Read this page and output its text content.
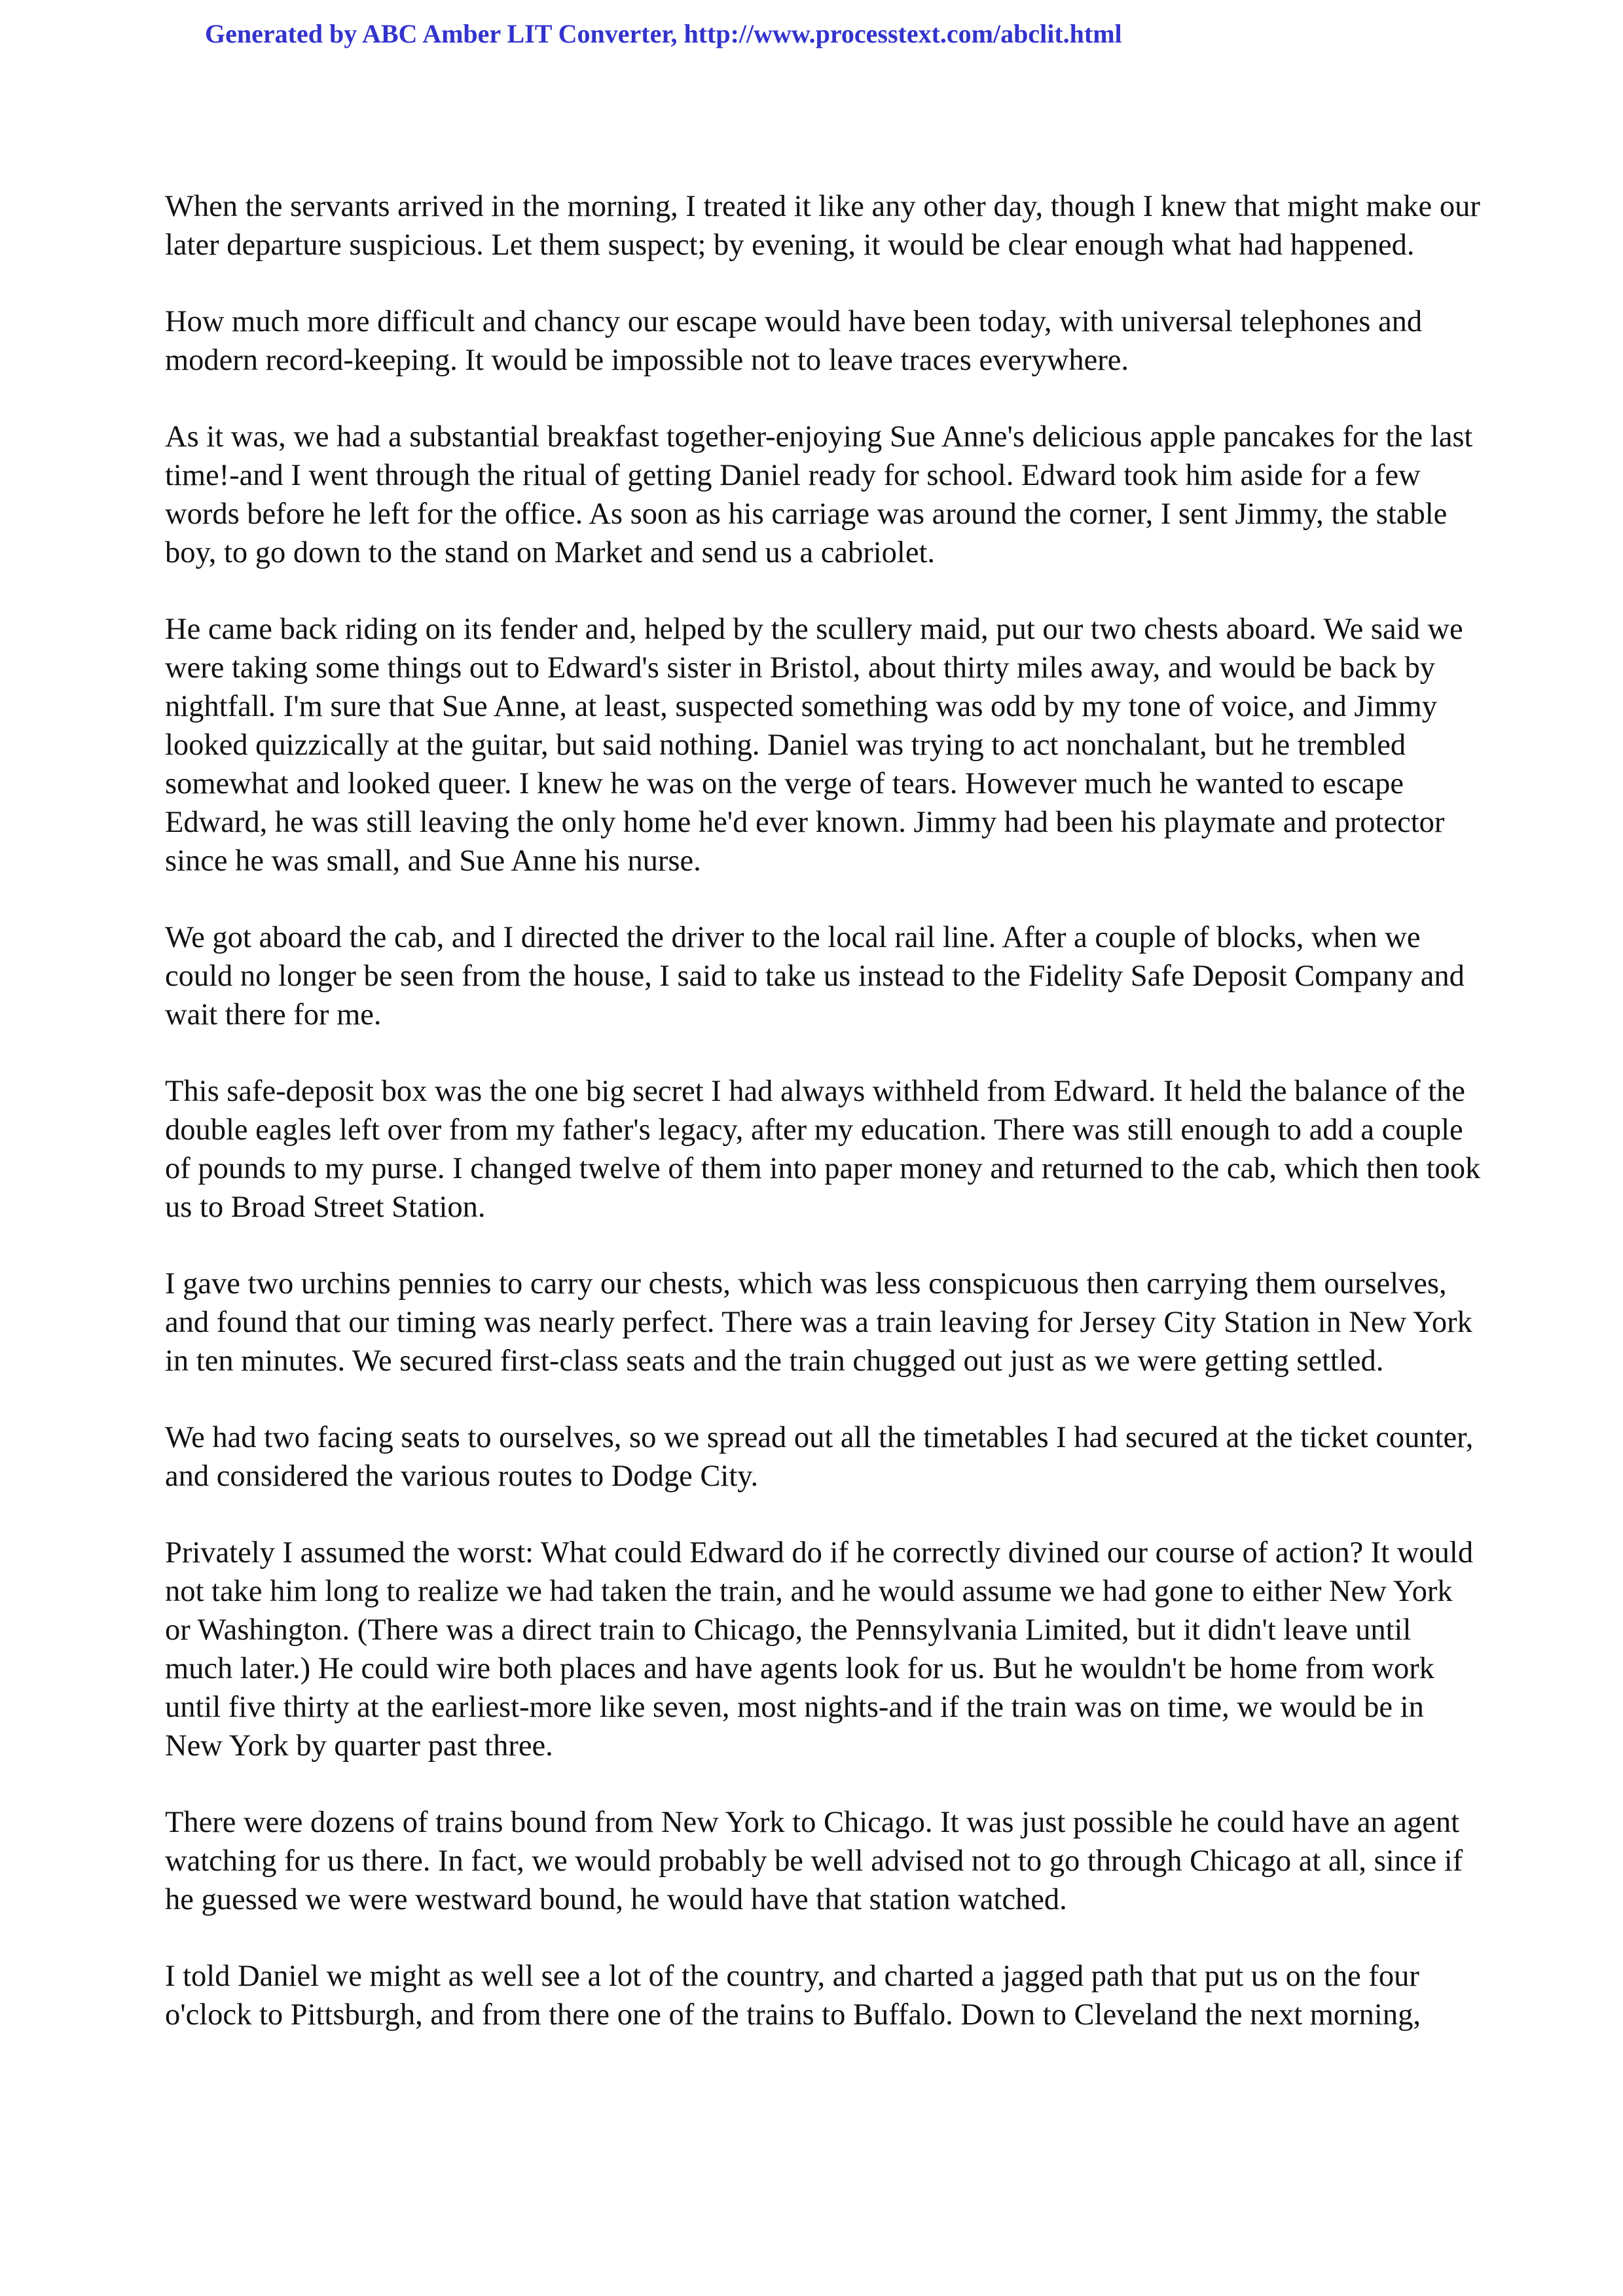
Generated by ABC Amber LIT Converter, http://www.processtext.com/abclit.html

When the servants arrived in the morning, I treated it like any other day, though I knew that might make our later departure suspicious. Let them suspect; by evening, it would be clear enough what had happened.

How much more difficult and chancy our escape would have been today, with universal telephones and modern record-keeping. It would be impossible not to leave traces everywhere.

As it was, we had a substantial breakfast together-enjoying Sue Anne's delicious apple pancakes for the last time!-and I went through the ritual of getting Daniel ready for school. Edward took him aside for a few words before he left for the office. As soon as his carriage was around the corner, I sent Jimmy, the stable boy, to go down to the stand on Market and send us a cabriolet.

He came back riding on its fender and, helped by the scullery maid, put our two chests aboard. We said we were taking some things out to Edward's sister in Bristol, about thirty miles away, and would be back by nightfall. I'm sure that Sue Anne, at least, suspected something was odd by my tone of voice, and Jimmy looked quizzically at the guitar, but said nothing. Daniel was trying to act nonchalant, but he trembled somewhat and looked queer. I knew he was on the verge of tears. However much he wanted to escape Edward, he was still leaving the only home he'd ever known. Jimmy had been his playmate and protector since he was small, and Sue Anne his nurse.

We got aboard the cab, and I directed the driver to the local rail line. After a couple of blocks, when we could no longer be seen from the house, I said to take us instead to the Fidelity Safe Deposit Company and wait there for me.

This safe-deposit box was the one big secret I had always withheld from Edward. It held the balance of the double eagles left over from my father's legacy, after my education. There was still enough to add a couple of pounds to my purse. I changed twelve of them into paper money and returned to the cab, which then took us to Broad Street Station.

I gave two urchins pennies to carry our chests, which was less conspicuous then carrying them ourselves, and found that our timing was nearly perfect. There was a train leaving for Jersey City Station in New York in ten minutes. We secured first-class seats and the train chugged out just as we were getting settled.

We had two facing seats to ourselves, so we spread out all the timetables I had secured at the ticket counter, and considered the various routes to Dodge City.

Privately I assumed the worst: What could Edward do if he correctly divined our course of action? It would not take him long to realize we had taken the train, and he would assume we had gone to either New York or Washington. (There was a direct train to Chicago, the Pennsylvania Limited, but it didn't leave until much later.) He could wire both places and have agents look for us. But he wouldn't be home from work until five thirty at the earliest-more like seven, most nights-and if the train was on time, we would be in New York by quarter past three.

There were dozens of trains bound from New York to Chicago. It was just possible he could have an agent watching for us there. In fact, we would probably be well advised not to go through Chicago at all, since if he guessed we were westward bound, he would have that station watched.

I told Daniel we might as well see a lot of the country, and charted a jagged path that put us on the four o'clock to Pittsburgh, and from there one of the trains to Buffalo. Down to Cleveland the next morning,
